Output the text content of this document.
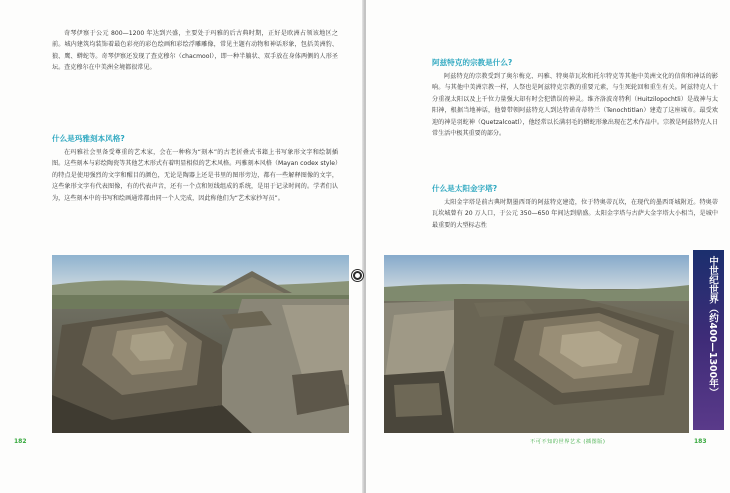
奇琴伊察于公元 800—1200 年达到兴盛，主要处于玛雅的后古典时期，正好是欧洲占领该地区之前。城内建筑均装饰着最色彩亮的彩色绘画和彩绘浮雕雕像，常见主题有动物和神话形象，包括美洲豹、狼、鹰、蟒蛇等。奇琴伊察还发现了查克穆尔（chacmool），即一种半躺状、双手放在身体两侧的人形圣坛。查克穆尔在中美洲全境都很常见。

什么是玛雅刻本风格?

在玛雅社会里备受尊重的艺术家，会在一种称为“刻本”的古老折叠式书籍上书写象形文字和绘制插图。这些刻本与彩绘陶瓷等其他艺术形式有着明显相似的艺术风格。玛雅刻本风格（Mayan codex style）的特点是使用强烈的文字和醒目的颜色，无论是陶器上还是书里的图形旁边，都有一些解释图像的文字，这些象形文字有代表图像，有的代表声音，还有一个点和短线组成的系统，是用于记录时间的。学者们认为，这些刻本中的书写和绘画通常都由同一个人完成，因此称他们为“艺术家抄写员”。

182
阿兹特克的宗教是什么?

阿兹特克的宗教受到了奥尔梅克、玛雅、特奥蒂瓦坎和托尔特克等其他中美洲文化的信仰和神话的影响。与其他中美洲宗教一样，人祭也是阿兹特克宗教的重要元素，与生死轮回和重生有关。阿兹特克人十分重视太阳以及上千位力量强大却有时会犯错误的神灵。维齐洛波奇特利（Huitzilopochtli）是战神与太阳神，根据当地神话，他曾带领阿兹特克人到达特诺奇蒂特兰（Tenochtitlan）建造了这座城市。最受欢迎的神是羽蛇神（Quetzalcoatl），他经常以长满羽毛的蟒蛇形象出现在艺术作品中。宗教是阿兹特克人日常生活中极其重要的部分。

什么是太阳金字塔?

太阳金字塔是前古典时期墨西哥的阿兹特克建造，位于特奥蒂瓦坎，在现代的墨西哥城附近。特奥蒂瓦坎城曾有 20 万人口，于公元 350—650 年间达到鼎盛。太阳金字塔与古萨大金字塔大小相当，是城中最重要的大型标志性

不可不知的世界艺术 (插图版)	183
中世纪世界（约400—1300年）
